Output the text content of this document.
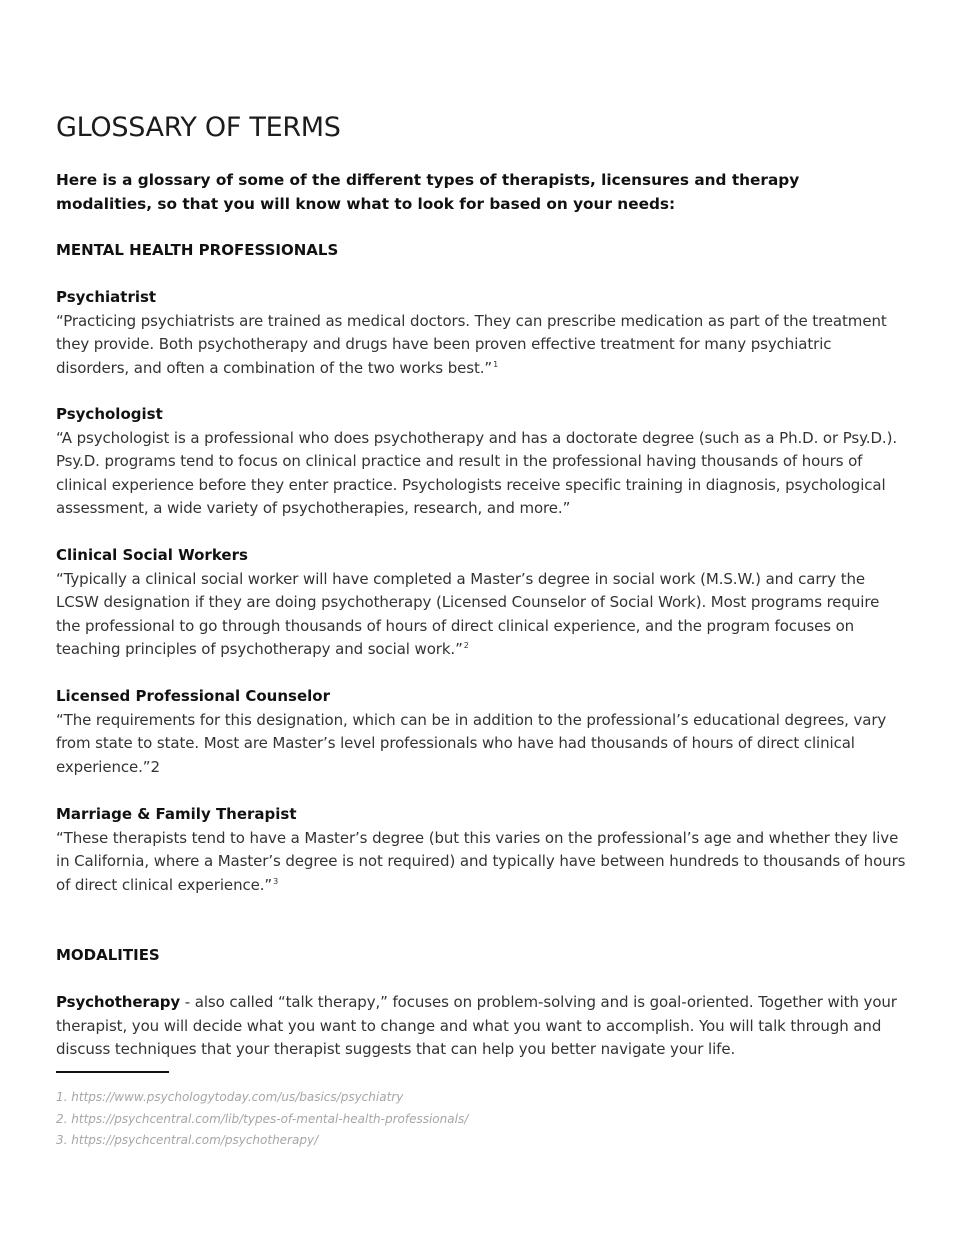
GLOSSARY OF TERMS

Here is a glossary of some of the different types of therapists, licensures and therapy modalities, so that you will know what to look for based on your needs:

MENTAL HEALTH PROFESSIONALS
Psychiatrist

“Practicing psychiatrists are trained as medical doctors. They can prescribe medication as part of the treatment they provide. Both psychotherapy and drugs have been proven effective treatment for many psychiatric disorders, and often a combination of the two works best.”$^1$

Psychologist

“A psychologist is a professional who does psychotherapy and has a doctorate degree (such as a Ph.D. or Psy.D.). Psy.D. programs tend to focus on clinical practice and result in the professional having thousands of hours of clinical experience before they enter practice. Psychologists receive specific training in diagnosis, psychological assessment, a wide variety of psychotherapies, research, and more.”

Clinical Social Workers

“Typically a clinical social worker will have completed a Master’s degree in social work (M.S.W.) and carry the LCSW designation if they are doing psychotherapy (Licensed Counselor of Social Work). Most programs require the professional to go through thousands of hours of direct clinical experience, and the program focuses on teaching principles of psychotherapy and social work.”$^2$

Licensed Professional Counselor

“The requirements for this designation, which can be in addition to the professional’s educational degrees, vary from state to state. Most are Master’s level professionals who have had thousands of hours of direct clinical experience.”2

Marriage & Family Therapist

“These therapists tend to have a Master’s degree (but this varies on the professional’s age and whether they live in California, where a Master’s degree is not required) and typically have between hundreds to thousands of hours of direct clinical experience.”$^3$

MODALITIES

Psychotherapy - also called “talk therapy,” focuses on problem-solving and is goal-oriented. Together with your therapist, you will decide what you want to change and what you want to accomplish. You will talk through and discuss techniques that your therapist suggests that can help you better navigate your life.

1. https://www.psychologytoday.com/us/basics/psychiatry

2. https://psychcentral.com/lib/types-of-mental-health-professionals/

3. https://psychcentral.com/psychotherapy/
